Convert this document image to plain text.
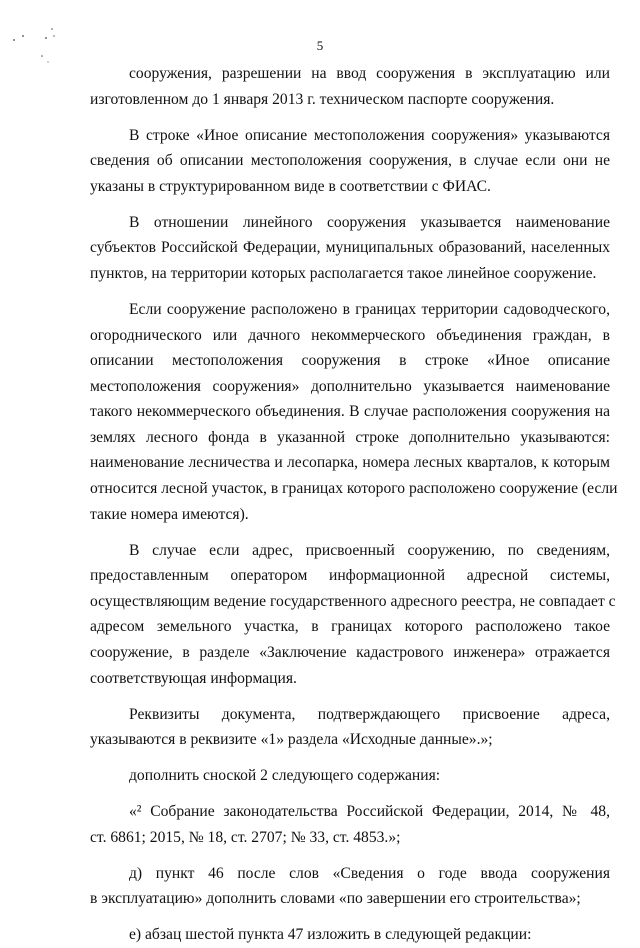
5
сооружения, разрешении на ввод сооружения в эксплуатацию или
изготовленном до 1 января 2013 г. техническом паспорте сооружения.
В строке «Иное описание местоположения сооружения» указываются
сведения об описании местоположения сооружения, в случае если они не
указаны в структурированном виде в соответствии с ФИАС.
В отношении линейного сооружения указывается наименование
субъектов Российской Федерации, муниципальных образований, населенных
пунктов, на территории которых располагается такое линейное сооружение.
Если сооружение расположено в границах территории садоводческого,
огороднического или дачного некоммерческого объединения граждан, в
описании местоположения сооружения в строке «Иное описание
местоположения сооружения» дополнительно указывается наименование
такого некоммерческого объединения. В случае расположения сооружения на
землях лесного фонда в указанной строке дополнительно указываются:
наименование лесничества и лесопарка, номера лесных кварталов, к которым
относится лесной участок, в границах которого расположено сооружение (если
такие номера имеются).
В случае если адрес, присвоенный сооружению, по сведениям,
предоставленным оператором информационной адресной системы,
осуществляющим ведение государственного адресного реестра, не совпадает с
адресом земельного участка, в границах которого расположено такое
сооружение, в разделе «Заключение кадастрового инженера» отражается
соответствующая информация.
Реквизиты документа, подтверждающего присвоение адреса,
указываются в реквизите «1» раздела «Исходные данные».»;
дополнить сноской 2 следующего содержания:
«² Собрание законодательства Российской Федерации, 2014, № 48,
ст. 6861; 2015, № 18, ст. 2707; № 33, ст. 4853.»;
д) пункт 46 после слов «Сведения о годе ввода сооружения
в эксплуатацию» дополнить словами «по завершении его строительства»;
е) абзац шестой пункта 47 изложить в следующей редакции:
